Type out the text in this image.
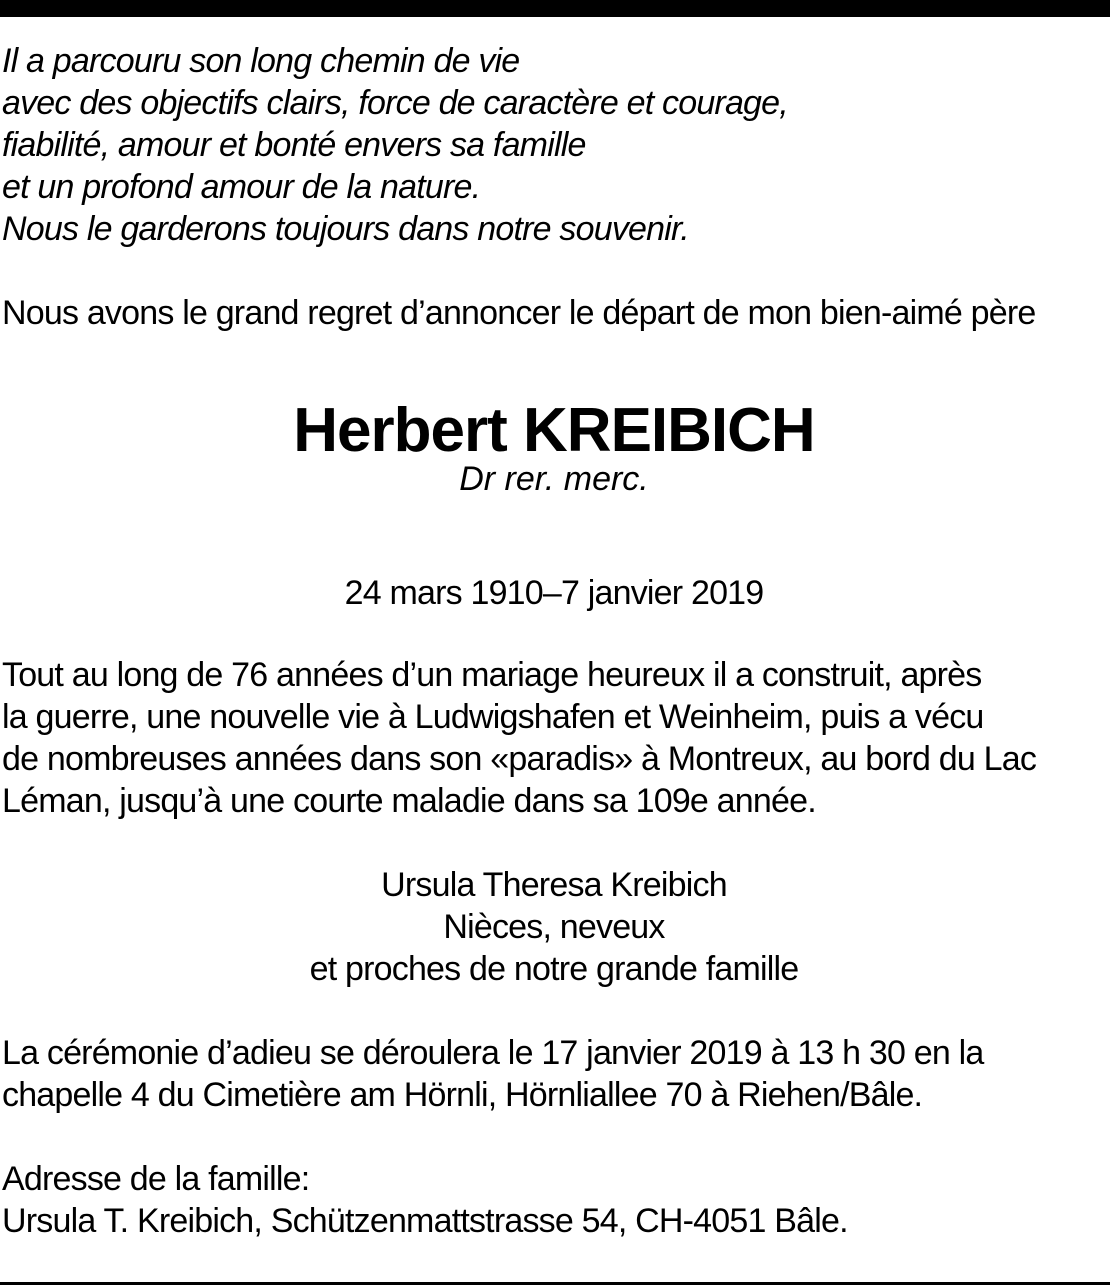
Il a parcouru son long chemin de vie
avec des objectifs clairs, force de caractère et courage,
fiabilité, amour et bonté envers sa famille
et un profond amour de la nature.
Nous le garderons toujours dans notre souvenir.
Nous avons le grand regret d’annoncer le départ de mon bien-aimé père
Herbert KREIBICH
Dr rer. merc.
24 mars 1910–7 janvier 2019
Tout au long de 76 années d’un mariage heureux il a construit, après
la guerre, une nouvelle vie à Ludwigshafen et Weinheim, puis a vécu
de nombreuses années dans son «paradis» à Montreux, au bord du Lac
Léman, jusqu’à une courte maladie dans sa 109e année.
Ursula Theresa Kreibich
Nièces, neveux
et proches de notre grande famille
La cérémonie d’adieu se déroulera le 17 janvier 2019 à 13 h 30 en la
chapelle 4 du Cimetière am Hörnli, Hörnliallee 70 à Riehen/Bâle.
Adresse de la famille:
Ursula T. Kreibich, Schützenmattstrasse 54, CH-4051 Bâle.
